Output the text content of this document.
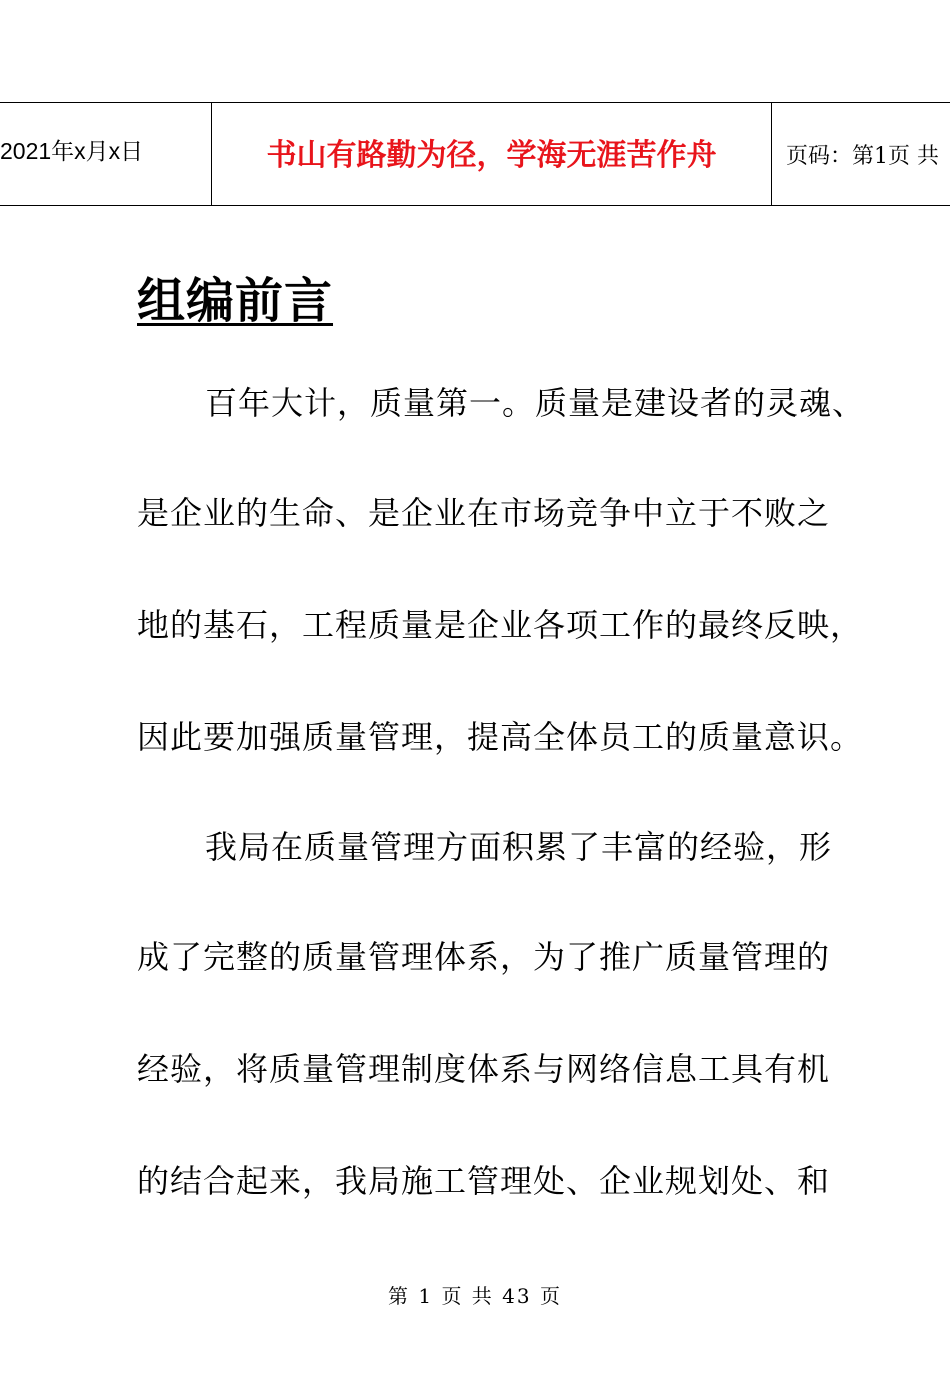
2021年x月x日	书山有路勤为径，学海无涯苦作舟	页码：第1页 共
组编前言

百年大计，质量第一。质量是建设者的灵魂、

是企业的生命、是企业在市场竞争中立于不败之

地的基石，工程质量是企业各项工作的最终反映，

因此要加强质量管理，提高全体员工的质量意识。

我局在质量管理方面积累了丰富的经验，形

成了完整的质量管理体系，为了推广质量管理的

经验，将质量管理制度体系与网络信息工具有机

的结合起来，我局施工管理处、企业规划处、和

第 1 页 共 43 页
